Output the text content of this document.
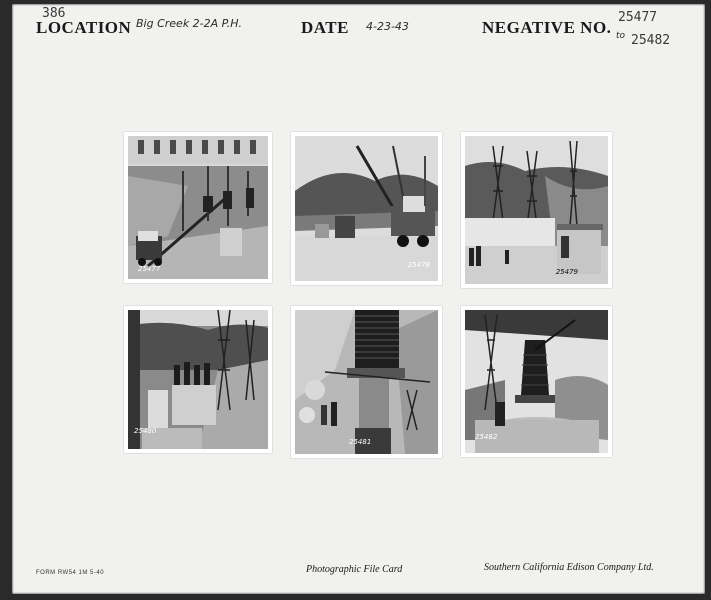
386
LOCATION Big Creek 2-2A P.H.	DATE 4-23-43	NEGATIVE NO.
25477
to 25482
25477	25478
25479
25480
25481
25482
FORM RW54 1M 5-40	Photographic File Card	Southern California Edison Company Ltd.
